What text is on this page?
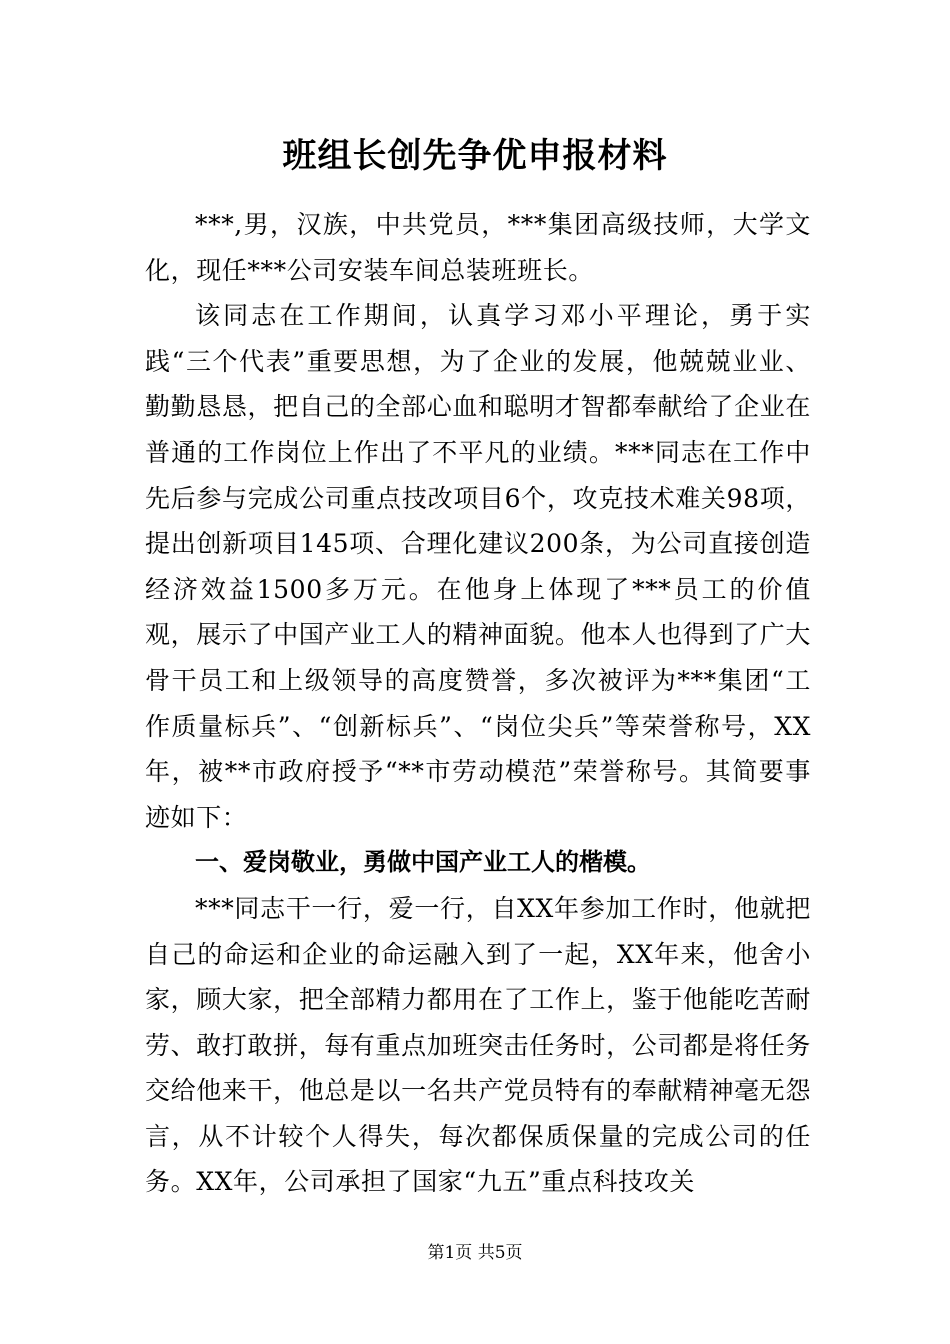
班组长创先争优申报材料

***,男，汉族，中共党员，***集团高级技师，大学文化，现任***公司安装车间总装班班长。

该同志在工作期间，认真学习邓小平理论，勇于实践“三个代表”重要思想，为了企业的发展，他兢兢业业、勤勤恳恳，把自己的全部心血和聪明才智都奉献给了企业在普通的工作岗位上作出了不平凡的业绩。***同志在工作中先后参与完成公司重点技改项目6个，攻克技术难关98项，提出创新项目145项、合理化建议200条，为公司直接创造经济效益1500多万元。在他身上体现了***员工的价值观，展示了中国产业工人的精神面貌。他本人也得到了广大骨干员工和上级领导的高度赞誉，多次被评为***集团“工作质量标兵”、“创新标兵”、“岗位尖兵”等荣誉称号，XX年，被**市政府授予“**市劳动模范”荣誉称号。其简要事迹如下：

一、爱岗敬业，勇做中国产业工人的楷模。

***同志干一行，爱一行，自XX年参加工作时，他就把自己的命运和企业的命运融入到了一起，XX年来，他舍小家，顾大家，把全部精力都用在了工作上，鉴于他能吃苦耐劳、敢打敢拼，每有重点加班突击任务时，公司都是将任务交给他来干，他总是以一名共产党员特有的奉献精神毫无怨言，从不计较个人得失，每次都保质保量的完成公司的任务。XX年，公司承担了国家“九五”重点科技攻关

第1页 共5页
